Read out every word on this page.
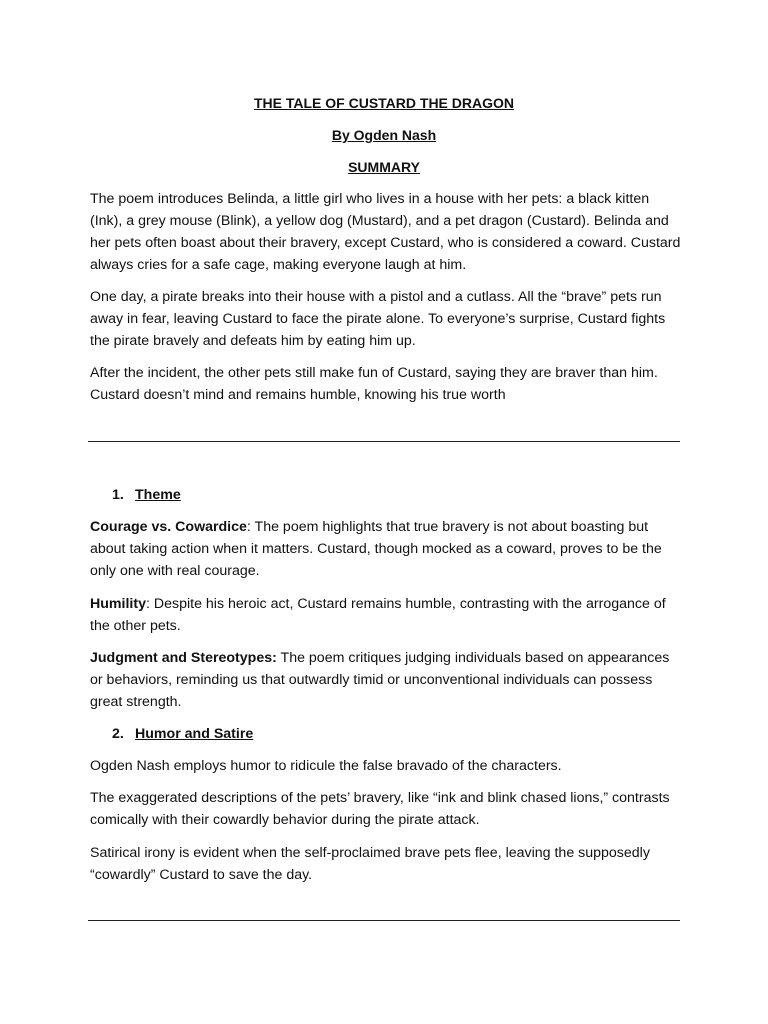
THE TALE OF CUSTARD THE DRAGON
By Ogden Nash
SUMMARY

The poem introduces Belinda, a little girl who lives in a house with her pets: a black kitten (Ink), a grey mouse (Blink), a yellow dog (Mustard), and a pet dragon (Custard). Belinda and her pets often boast about their bravery, except Custard, who is considered a coward. Custard always cries for a safe cage, making everyone laugh at him.

One day, a pirate breaks into their house with a pistol and a cutlass. All the “brave” pets run away in fear, leaving Custard to face the pirate alone. To everyone’s surprise, Custard fights the pirate bravely and defeats him by eating him up.

After the incident, the other pets still make fun of Custard, saying they are braver than him. Custard doesn’t mind and remains humble, knowing his true worth

1. Theme

Courage vs. Cowardice: The poem highlights that true bravery is not about boasting but about taking action when it matters. Custard, though mocked as a coward, proves to be the only one with real courage.

Humility: Despite his heroic act, Custard remains humble, contrasting with the arrogance of the other pets.

Judgment and Stereotypes: The poem critiques judging individuals based on appearances or behaviors, reminding us that outwardly timid or unconventional individuals can possess great strength.

2. Humor and Satire

Ogden Nash employs humor to ridicule the false bravado of the characters.

The exaggerated descriptions of the pets’ bravery, like “ink and blink chased lions,” contrasts comically with their cowardly behavior during the pirate attack.

Satirical irony is evident when the self-proclaimed brave pets flee, leaving the supposedly “cowardly” Custard to save the day.
